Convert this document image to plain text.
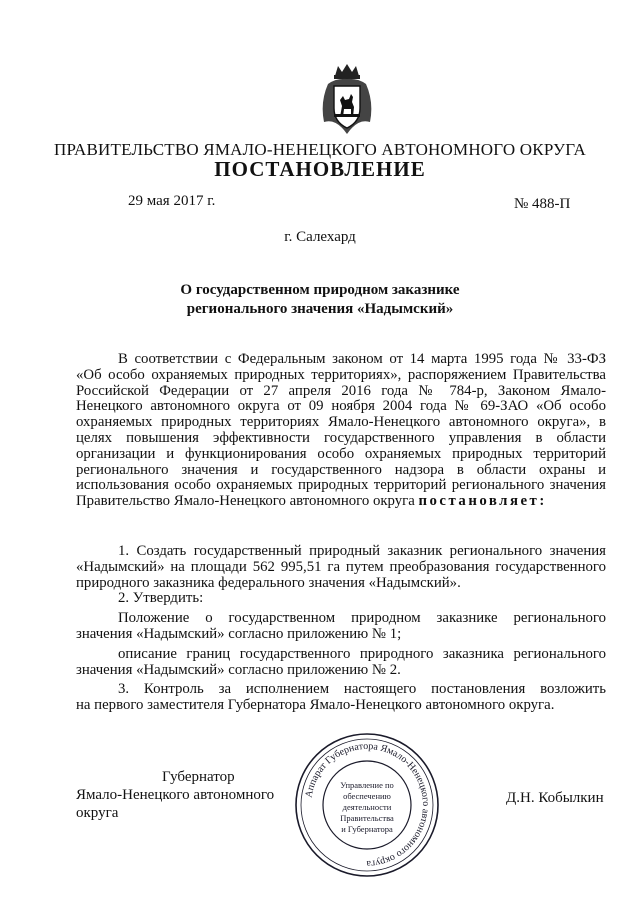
ПРАВИТЕЛЬСТВО ЯМАЛО-НЕНЕЦКОГО АВТОНОМНОГО ОКРУГА
ПОСТАНОВЛЕНИЕ
29 мая 2017 г.	№ 488-П
г. Салехард
О государственном природном заказнике
регионального значения «Надымский»
В соответствии с Федеральным законом от 14 марта 1995 года № 33-ФЗ
«Об особо охраняемых природных территориях», распоряжением Правительства
Российской Федерации от 27 апреля 2016 года № 784-р, Законом Ямало-
Ненецкого автономного округа от 09 ноября 2004 года № 69-ЗАО «Об особо
охраняемых природных территориях Ямало-Ненецкого автономного округа», в
целях повышения эффективности государственного управления в области
организации и функционирования особо охраняемых природных территорий
регионального значения и государственного надзора в области охраны и
использования особо охраняемых природных территорий регионального значения
Правительство Ямало-Ненецкого автономного округа постановляет:
1. Создать государственный природный заказник регионального значения
«Надымский» на площади 562 995,51 га путем преобразования государственного
природного заказника федерального значения «Надымский».
2. Утвердить:
Положение о государственном природном заказнике регионального
значения «Надымский» согласно приложению № 1;
описание границ государственного природного заказника регионального
значения «Надымский» согласно приложению № 2.
3. Контроль за исполнением настоящего постановления возложить
на первого заместителя Губернатора Ямало-Ненецкого автономного округа.
Губернатор
Ямало-Ненецкого автономного округа
Д.Н. Кобылкин
Аппарат Губернатора Ямало-Ненецкого автономного округа
Управление по
обеспечению
деятельности
Правительства
и Губернатора
